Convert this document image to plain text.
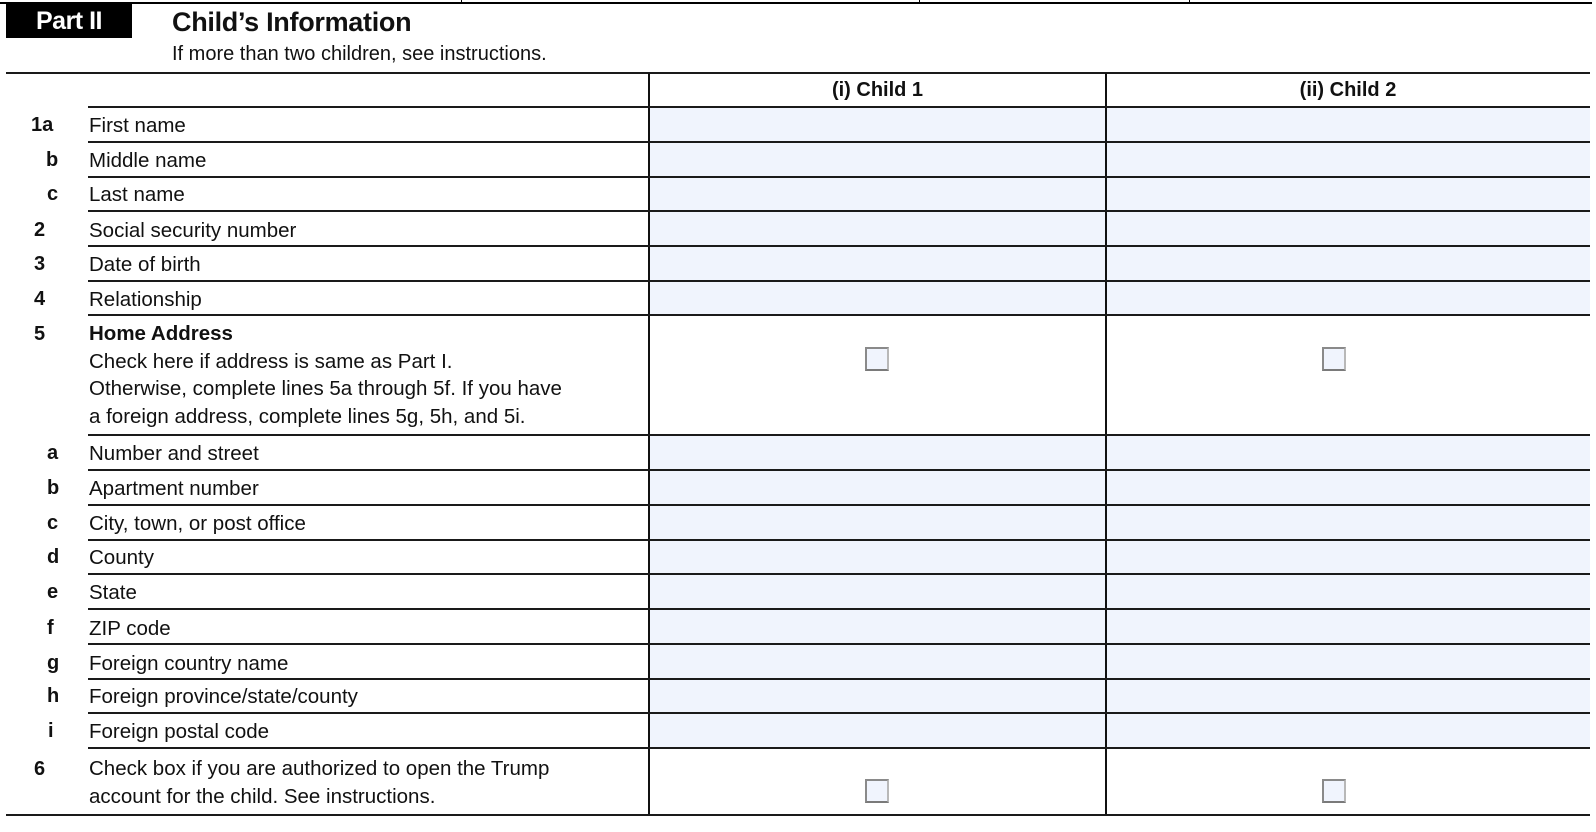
Part II	Child’s Information
If more than two children, see instructions.
(i) Child 1	(ii) Child 2
1a First name
b Middle name
c Last name
2 Social security number
3 Date of birth
4 Relationship
5 Home Address
Check here if address is same as Part I.
Otherwise, complete lines 5a through 5f. If you have
a foreign address, complete lines 5g, 5h, and 5i.
a Number and street
b Apartment number
c City, town, or post office
d County
e State
f ZIP code
g Foreign country name
h Foreign province/state/county
i Foreign postal code
6 Check box if you are authorized to open the Trump
account for the child. See instructions.
